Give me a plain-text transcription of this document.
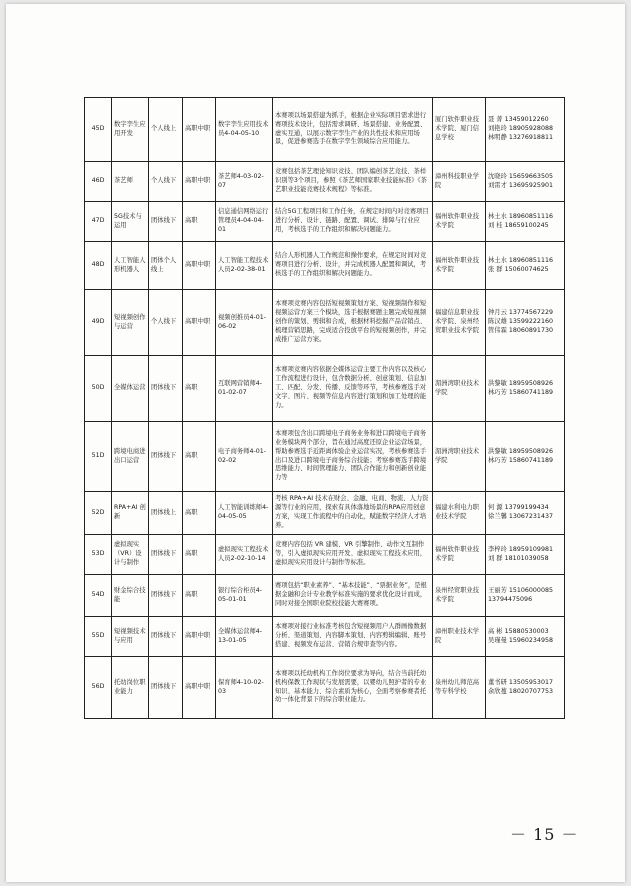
45D	数字孪生应用开发	个人线上	高职中职	数字孪生应用技术员4-04-05-10	本赛项以场景搭建为抓手，根据企业实际项目需求进行赛项技术设计，包括需求调研、场景搭建、业务配置、虚实互通，以展示数字孪生产业的共性技术和应用场景，促进参赛选手在数字孪生领域综合应用能力。	厦门软件职业技术学院、厦门信息学校	聂 菁 13459012260
刘艳玲 18905928088
林明静 13276918811

46D	茶艺师	个人线下	高职中职	茶艺师4-03-02-07	竞赛包括茶艺理论知识竞技、团队编创茶艺竞技、茶样识别等3个项目，参照《茶艺师国家职业技能标准》《茶艺职业技能竞赛技术规程》等标准。	漳州科技职业学院	沈晓玲 15659663505
刘雷才 13695925901

47D	5G技术与运用	团体线下	高职	信息通信网络运行管理员4-04-04-01	结合5G工程项目和工作任务，在规定时间内对竞赛项目进行分析、设计、链路、配置、调试、排障与行业应用，考核选手的工作组织和解决问题能力。	福州软件职业技术学院	林土水 18960851116
刘 桂 18659100245

48D	人工智能人形机器人	团体个人线上	高职中职	人工智能工程技术人员2-02-38-01	结合人形机器人工作规范和操作要求，在规定时间对竞赛项目进行分析、设计，并完成机器人配置和调试，考核选手的工作组织和解决问题能力。	福州软件职业技术学院	林土水 18960851116
张 群 15060074625

49D	短视频创作与运营	个人线下	高职中职	视频创推员4-01-06-02	本赛项竞赛内容包括短视频策划方案、短视频制作和短视频运营方案三个模块，选手根据赛题主题完成短视频创作的策划、剪辑和合成，根据材料挖掘产品营销点、梳理营销思路，完成适合投放平台的短视频创作，并完成推广运营方案。	福建信息职业技术学院、泉州经贸职业技术学院	钟月云 13774567229
陈汉雄 13599222160
管伟霖 18060891730

50D	全媒体运营	团体线下	高职	互联网营销师4-01-02-07	本赛项竞赛内容依据全媒体运营主要工作内容以及核心工作流程进行设计，包含数据分析、创意策划、信息加工、匹配、分发、传播、反馈等环节，考核参赛选手对文字、图片、视频等信息内容进行策划和加工处理的能力。	湄洲湾职业技术学院	洪黎敏 18959508926
林巧芳 15860741189

51D	跨境电商进出口运营	团体线下	高职	电子商务师4-01-02-02	本赛项包含出口跨境电子商务业务和进口跨境电子商务业务模块两个部分，旨在通过高度还原企业运营场景，帮助参赛选手近距离体验企业运营实况，考核参赛选手出口及进口跨境电子商务综合技能；考察参赛选手跨境思维能力、时间管理能力、团队合作能力和创新创业能力等	湄洲湾职业技术学院	洪黎敏 18959508926
林巧芳 15860741189

52D	RPA+AI 创新	团体线上	高职	人工智能训练师4-04-05-05	考核 RPA+AI 技术在财会、金融、电商、物流、人力资源等行业的应用，探索有具体落地场景的RPA应用创意方案，实现工作流程中的自动化，赋能数字经济人才培养。	福建水利电力职业技术学院	何 源 13799199434
徐兰馨 13067231437

53D	虚拟现实（VR）设计与制作	团体线下	高职	虚拟现实工程技术人员2-02-10-14	竞赛内容包括 VR 建模、VR 引擎制作、动作文互制作等，引入虚拟现实应用开发、虚拟现实工程技术应用，虚拟现实应用设计与制作等标准。	福州软件职业技术学院	李梓玲 18959109981
刘 群 18101039058

54D	财金综合技能	团体线下	高职	银行综合柜员4-05-01-01	赛项包括“职业素养”、“基本技能”、“票据业务”，是根据金融和会计专业教学标准实施的要求优化设计而成，同时对接全国职业院校技能大赛赛项。	泉州经贸职业技术学院	王丽芳 15106000085
13794475096

55D	短视频技术与应用	团体线下	高职中职	全媒体运营师4-13-01-05	本赛项对接行业标准考核包含短视频用户人群画像数据分析、渠道策划、内容脚本策划、内容剪辑编辑、账号搭建、视频发布运营、营销合规审查等内容。	漳州职业技术学院	高 彬 15880530003
吴瑾曼 15960234958

56D	托幼岗位职业能力	团体线下	高职中职	保育师4-10-02-03	本赛项以托幼机构工作岗位要求为导向，结合当前托幼机构保教工作现状与发展需要，以婴幼儿照护者的专业知识、基本能力、综合素质为核心，全面考察参赛者托幼一体化背景下的综合职业能力。	泉州幼儿师范高等专科学校	董书研 13505953017
余欣蔓 18020707753
－ 15 －
